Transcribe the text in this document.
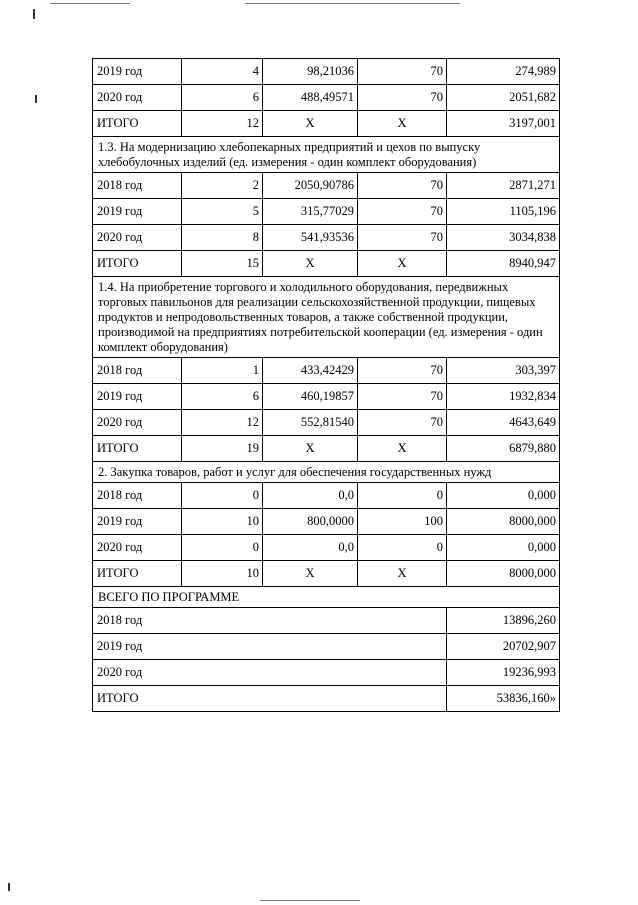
2019 год	4	98,21036	70	274,989
2020 год	6	488,49571	70	2051,682
ИТОГО	12	Х	Х	3197,001
1.3. На модернизацию хлебопекарных предприятий и цехов по выпуску хлебобулочных изделий (ед. измерения - один комплект оборудования)				
2018 год	2	2050,90786	70	2871,271
2019 год	5	315,77029	70	1105,196
2020 год	8	541,93536	70	3034,838
ИТОГО	15	Х	Х	8940,947
1.4. На приобретение торгового и холодильного оборудования, передвижных торговых павильонов для реализации сельскохозяйственной продукции, пищевых продуктов и непродовольственных товаров, а также собственной продукции, производимой на предприятиях потребительской кооперации (ед. измерения - один комплект оборудования)				
2018 год	1	433,42429	70	303,397
2019 год	6	460,19857	70	1932,834
2020 год	12	552,81540	70	4643,649
ИТОГО	19	Х	Х	6879,880
2. Закупка товаров, работ и услуг для обеспечения государственных нужд				
2018 год	0	0,0	0	0,000
2019 год	10	800,0000	100	8000,000
2020 год	0	0,0	0	0,000
ИТОГО	10	Х	Х	8000,000
ВСЕГО ПО ПРОГРАММЕ				
2018 год				13896,260
2019 год				20702,907
2020 год				19236,993
ИТОГО				53836,160»
